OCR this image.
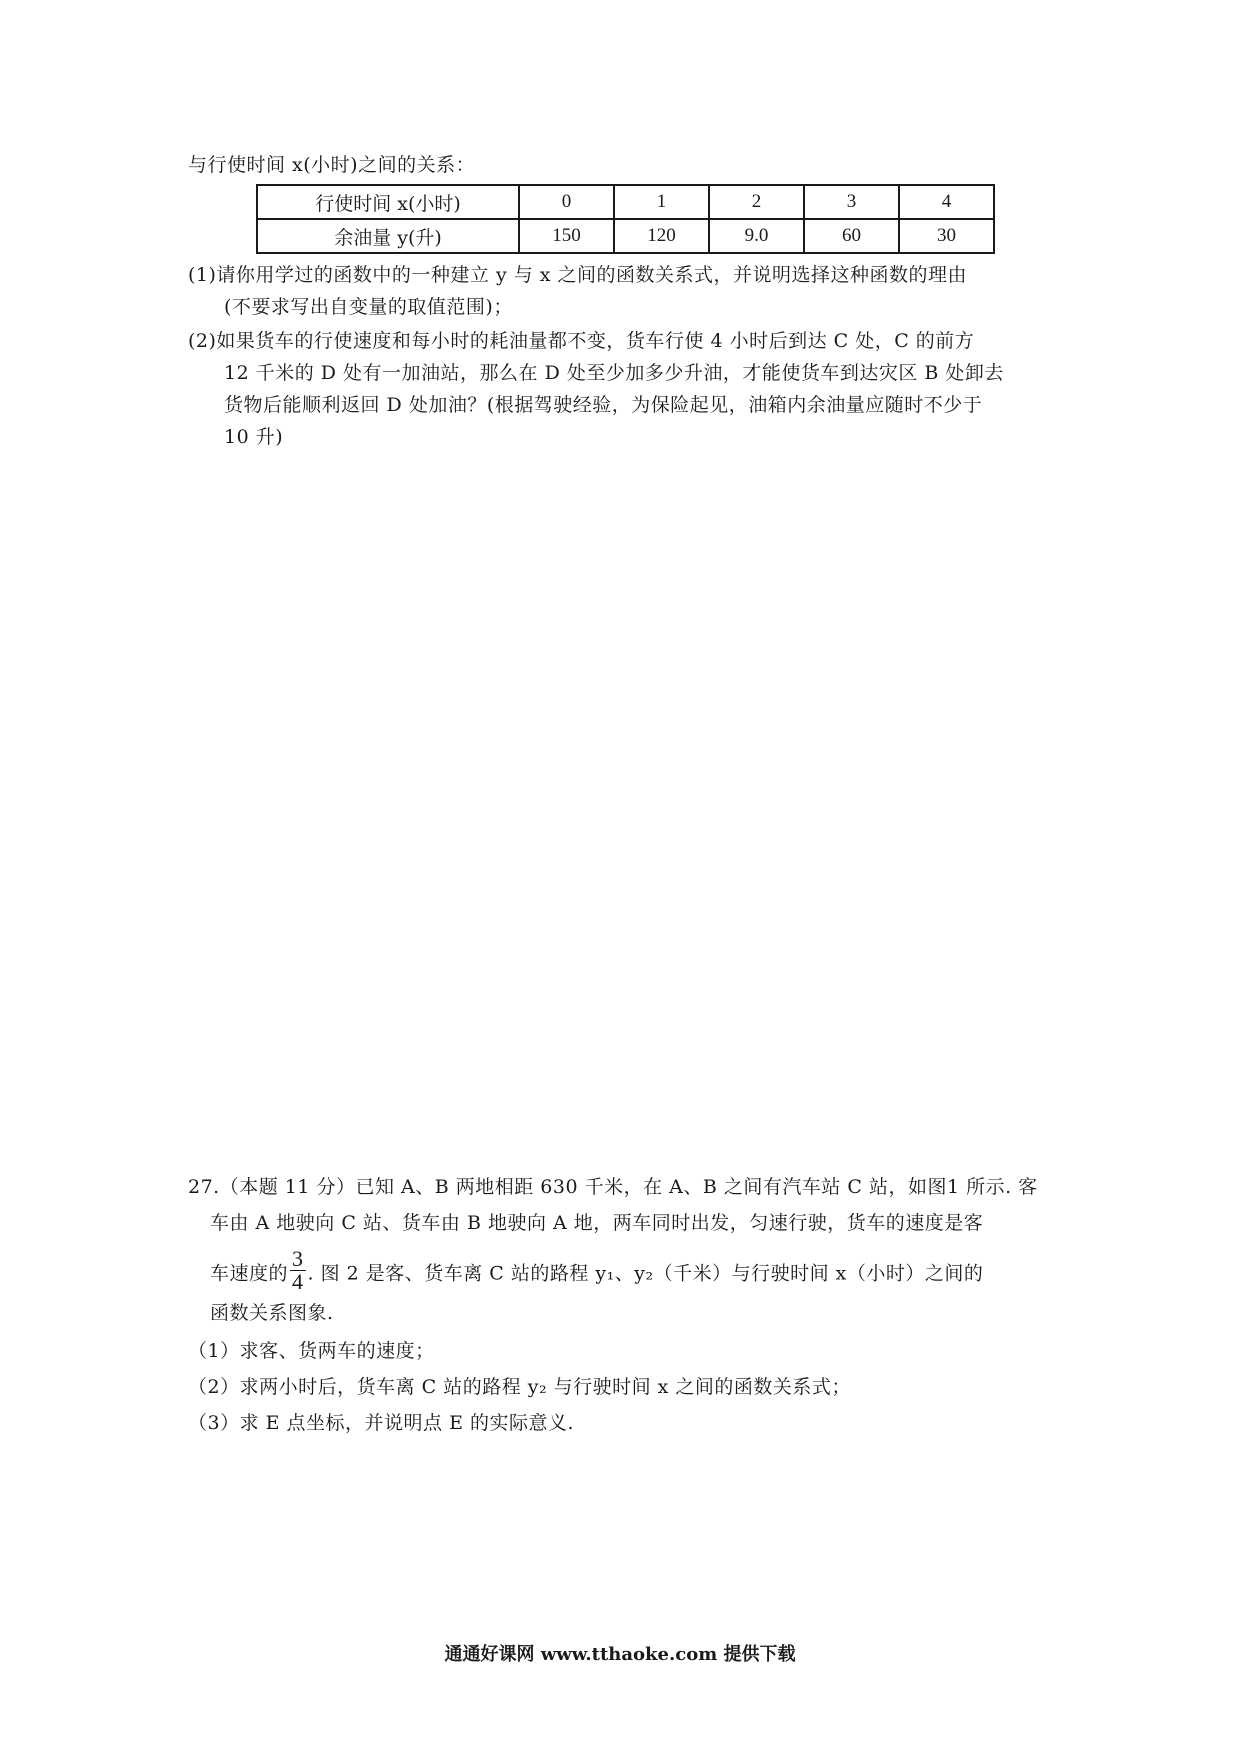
与行使时间 x(小时)之间的关系：
行使时间 x(小时)	0	1	2	3	4
余油量 y(升)	150	120	9.0	60	30
(1)请你用学过的函数中的一种建立 y 与 x 之间的函数关系式，并说明选择这种函数的理由
(不要求写出自变量的取值范围)；
(2)如果货车的行使速度和每小时的耗油量都不变，货车行使 4 小时后到达 C 处，C 的前方
12 千米的 D 处有一加油站，那么在 D 处至少加多少升油，才能使货车到达灾区 B 处卸去
货物后能顺利返回 D 处加油？(根据驾驶经验，为保险起见，油箱内余油量应随时不少于
10 升)
27.（本题 11 分）已知 A、B 两地相距 630 千米，在 A、B 之间有汽车站 C 站，如图1 所示. 客
车由 A 地驶向 C 站、货车由 B 地驶向 A 地，两车同时出发，匀速行驶，货车的速度是客
车速度的 $\frac{3}{4}$ . 图 2 是客、货车离 C 站的路程 y₁、y₂（千米）与行驶时间 x（小时）之间的
函数关系图象.
（1）求客、货两车的速度；
（2）求两小时后，货车离 C 站的路程 y₂ 与行驶时间 x 之间的函数关系式；
（3）求 E 点坐标，并说明点 E 的实际意义.
通通好课网 www.tthaoke.com 提供下载
